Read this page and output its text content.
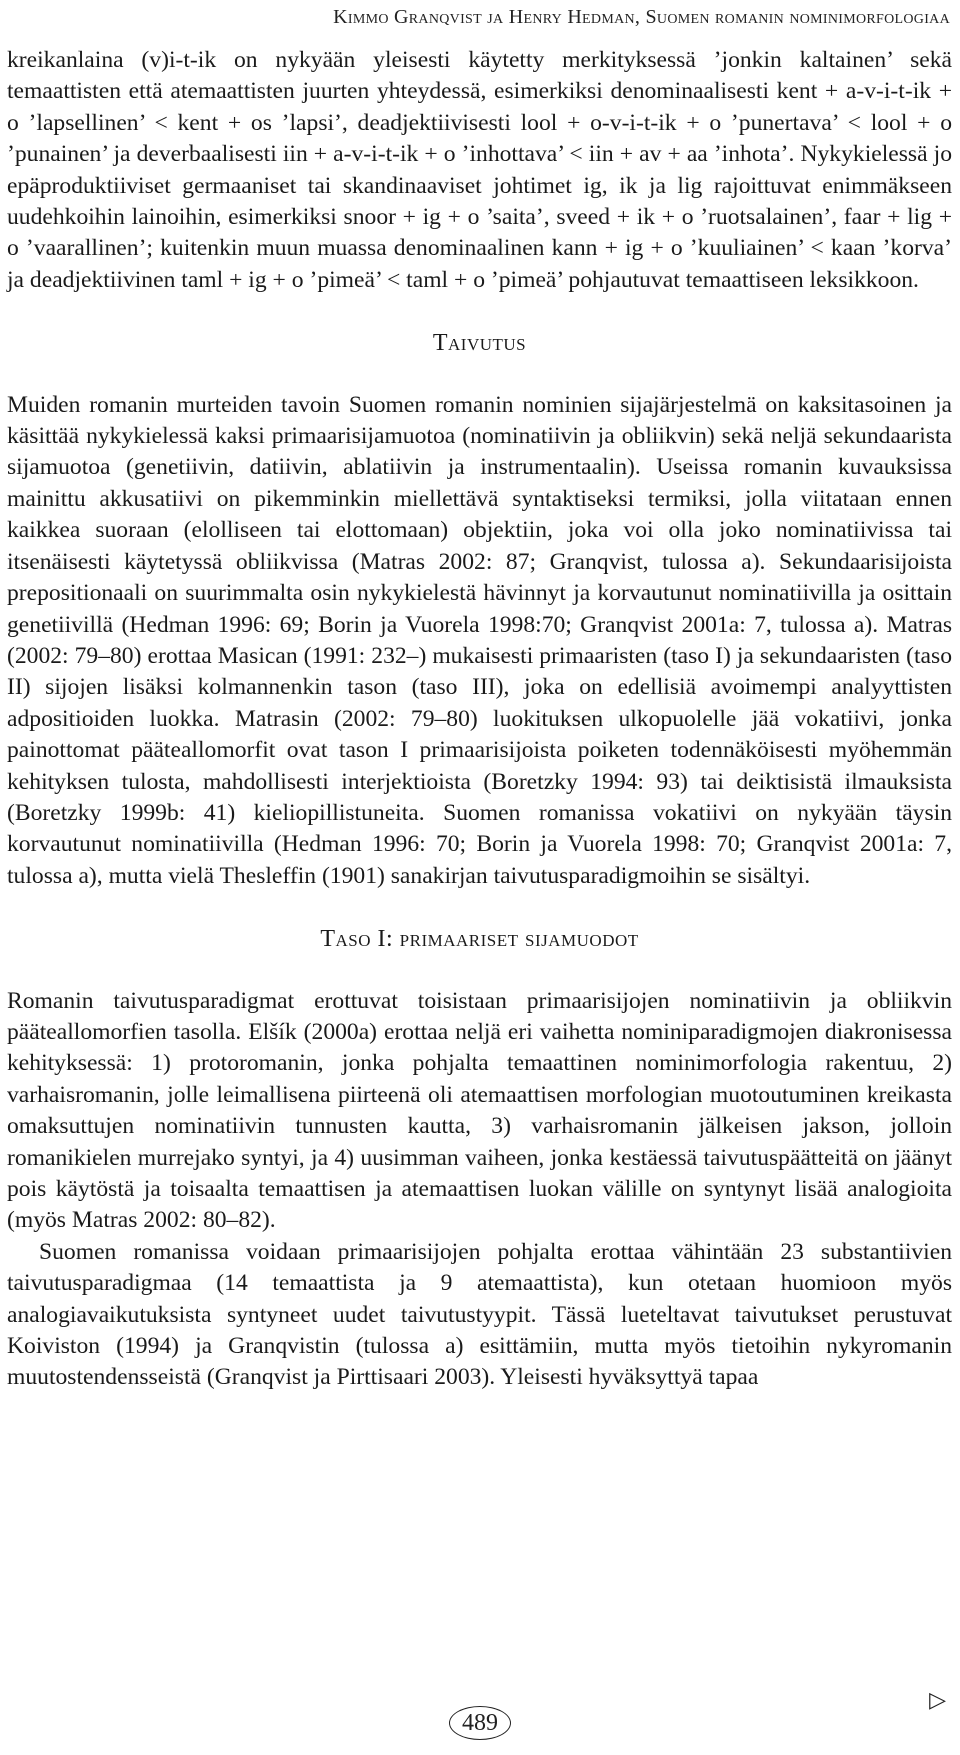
Kimmo Granqvist ja Henry Hedman, Suomen romanin nominimorfologiaa

kreikanlaina (v)i-t-ik on nykyään yleisesti käytetty merkityksessä ’jonkin kaltainen’ sekä temaattisten että atemaattisten juurten yhteydessä, esimerkiksi denominaalisesti kent + a-v-i-t-ik + o ’lapsellinen’ < kent + os ’lapsi’, deadjektiivisesti lool + o-v-i-t-ik + o ’punertava’ < lool + o ’punainen’ ja deverbaalisesti iin + a-v-i-t-ik + o ’inhottava’ < iin + av + aa ’inhota’. Nykykielessä jo epäproduktiiviset germaaniset tai skandinaaviset johtimet ig, ik ja lig rajoittuvat enimmäkseen uudehkoihin lainoihin, esimerkiksi snoor + ig + o ’saita’, sveed + ik + o ’ruotsalainen’, faar + lig + o ’vaarallinen’; kuitenkin muun muassa denominaalinen kann + ig + o ’kuuliainen’ < kaan ’korva’ ja deadjektiivinen taml + ig + o ’pimeä’ < taml + o ’pimeä’ pohjautuvat temaattiseen leksikkoon.

Taivutus

Muiden romanin murteiden tavoin Suomen romanin nominien sijajärjestelmä on kaksitasoinen ja käsittää nykykielessä kaksi primaarisijamuotoa (nominatiivin ja obliikvin) sekä neljä sekundaarista sijamuotoa (genetiivin, datiivin, ablatiivin ja instrumentaalin). Useissa romanin kuvauksissa mainittu akkusatiivi on pikemminkin miellettävä syntaktiseksi termiksi, jolla viitataan ennen kaikkea suoraan (elolliseen tai elottomaan) objektiin, joka voi olla joko nominatiivissa tai itsenäisesti käytetyssä obliikvissa (Matras 2002: 87; Granqvist, tulossa a). Sekundaarisijoista prepositionaali on suurimmalta osin nykykielestä hävinnyt ja korvautunut nominatiivilla ja osittain genetiivillä (Hedman 1996: 69; Borin ja Vuorela 1998:70; Granqvist 2001a: 7, tulossa a). Matras (2002: 79–80) erottaa Masican (1991: 232–) mukaisesti primaaristen (taso I) ja sekundaaristen (taso II) sijojen lisäksi kolmannenkin tason (taso III), joka on edellisiä avoimempi analyyttisten adpositioiden luokka. Matrasin (2002: 79–80) luokituksen ulkopuolelle jää vokatiivi, jonka painottomat pääteallomorfit ovat tason I primaarisijoista poiketen todennäköisesti myöhemmän kehityksen tulosta, mahdollisesti interjektioista (Boretzky 1994: 93) tai deiktisistä ilmauksista (Boretzky 1999b: 41) kieliopillistuneita. Suomen romanissa vokatiivi on nykyään täysin korvautunut nominatiivilla (Hedman 1996: 70; Borin ja Vuorela 1998: 70; Granqvist 2001a: 7, tulossa a), mutta vielä Thesleffin (1901) sanakirjan taivutusparadigmoihin se sisältyi.

Taso I: primaariset sijamuodot

Romanin taivutusparadigmat erottuvat toisistaan primaarisijojen nominatiivin ja obliikvin pääteallomorfien tasolla. Elšík (2000a) erottaa neljä eri vaihetta nominiparadigmojen diakronisessa kehityksessä: 1) protoromanin, jonka pohjalta temaattinen nominimorfologia rakentuu, 2) varhaisromanin, jolle leimallisena piirteenä oli atemaattisen morfologian muotoutuminen kreikasta omaksuttujen nominatiivin tunnusten kautta, 3) varhaisromanin jälkeisen jakson, jolloin romanikielen murrejako syntyi, ja 4) uusimman vaiheen, jonka kestäessä taivutuspäätteitä on jäänyt pois käytöstä ja toisaalta temaattisen ja atemaattisen luokan välille on syntynyt lisää analogioita (myös Matras 2002: 80–82).

Suomen romanissa voidaan primaarisijojen pohjalta erottaa vähintään 23 substantiivien taivutusparadigmaa (14 temaattista ja 9 atemaattista), kun otetaan huomioon myös analogiavaikutuksista syntyneet uudet taivutustyypit. Tässä lueteltavat taivutukset perustuvat Koiviston (1994) ja Granqvistin (tulossa a) esittämiin, mutta myös tietoihin nykyromanin muutostendensseistä (Granqvist ja Pirttisaari 2003). Yleisesti hyväksyttyä tapaa

▷
489
